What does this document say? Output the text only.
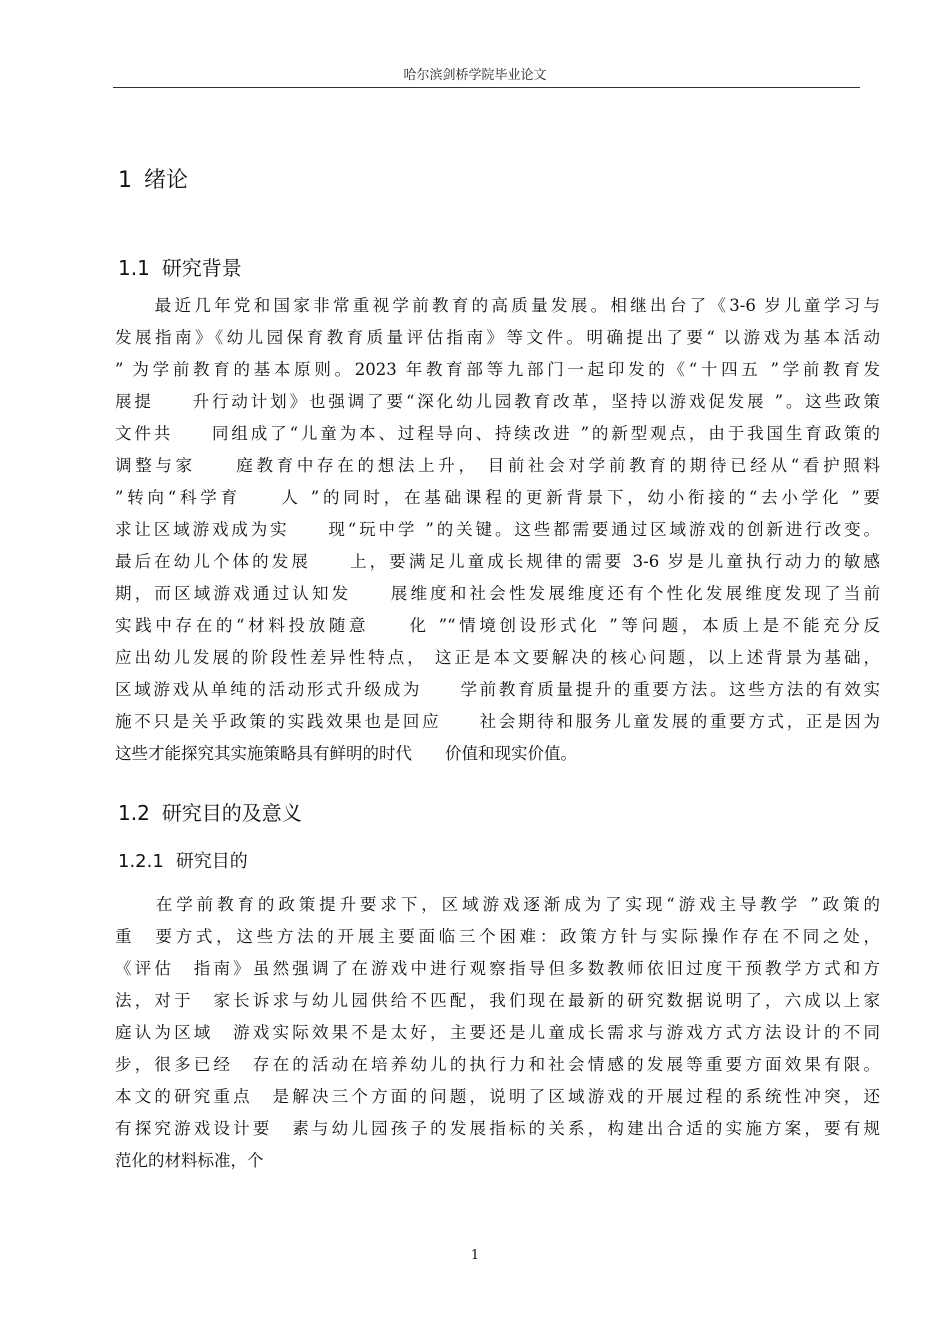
哈尔滨剑桥学院毕业论文
1 绪论
1.1 研究背景
　　最近几年党和国家非常重视学前教育的高质量发展。相继出台了《3-6 岁儿童学习与
发展指南》《幼儿园保育教育质量评估指南》等文件。明确提出了要“ 以游戏为基本活动
” 为学前教育的基本原则。2023 年教育部等九部门一起印发的《“十四五 ”学前教育发
展提　　升行动计划》也强调了要“深化幼儿园教育改革，坚持以游戏促发展 ”。这些政策
文件共　　同组成了“儿童为本、过程导向、持续改进 ”的新型观点，由于我国生育政策的
调整与家　　庭教育中存在的想法上升， 目前社会对学前教育的期待已经从“看护照料
”转向“科学育　　人 ”的同时，在基础课程的更新背景下，幼小衔接的“去小学化 ”要
求让区域游戏成为实　　现“玩中学 ”的关键。这些都需要通过区域游戏的创新进行改变。
最后在幼儿个体的发展　　上，要满足儿童成长规律的需要 3-6 岁是儿童执行动力的敏感
期，而区域游戏通过认知发　　展维度和社会性发展维度还有个性化发展维度发现了当前
实践中存在的“材料投放随意　　化 ”“情境创设形式化 ”等问题，本质上是不能充分反
应出幼儿发展的阶段性差异性特点， 这正是本文要解决的核心问题，以上述背景为基础，
区域游戏从单纯的活动形式升级成为　　学前教育质量提升的重要方法。这些方法的有效实
施不只是关乎政策的实践效果也是回应　　社会期待和服务儿童发展的重要方式，正是因为
这些才能探究其实施策略具有鲜明的时代　　价值和现实价值。
1.2 研究目的及意义
1.2.1 研究目的
　　在学前教育的政策提升要求下，区域游戏逐渐成为了实现“游戏主导教学 ”政策的
重　要方式，这些方法的开展主要面临三个困难：政策方针与实际操作存在不同之处，
《评估　指南》虽然强调了在游戏中进行观察指导但多数教师依旧过度干预教学方式和方
法，对于　家长诉求与幼儿园供给不匹配，我们现在最新的研究数据说明了，六成以上家
庭认为区域　游戏实际效果不是太好，主要还是儿童成长需求与游戏方式方法设计的不同
步，很多已经　存在的活动在培养幼儿的执行力和社会情感的发展等重要方面效果有限。
本文的研究重点　是解决三个方面的问题，说明了区域游戏的开展过程的系统性冲突，还
有探究游戏设计要　素与幼儿园孩子的发展指标的关系，构建出合适的实施方案，要有规
范化的材料标准，个
1
